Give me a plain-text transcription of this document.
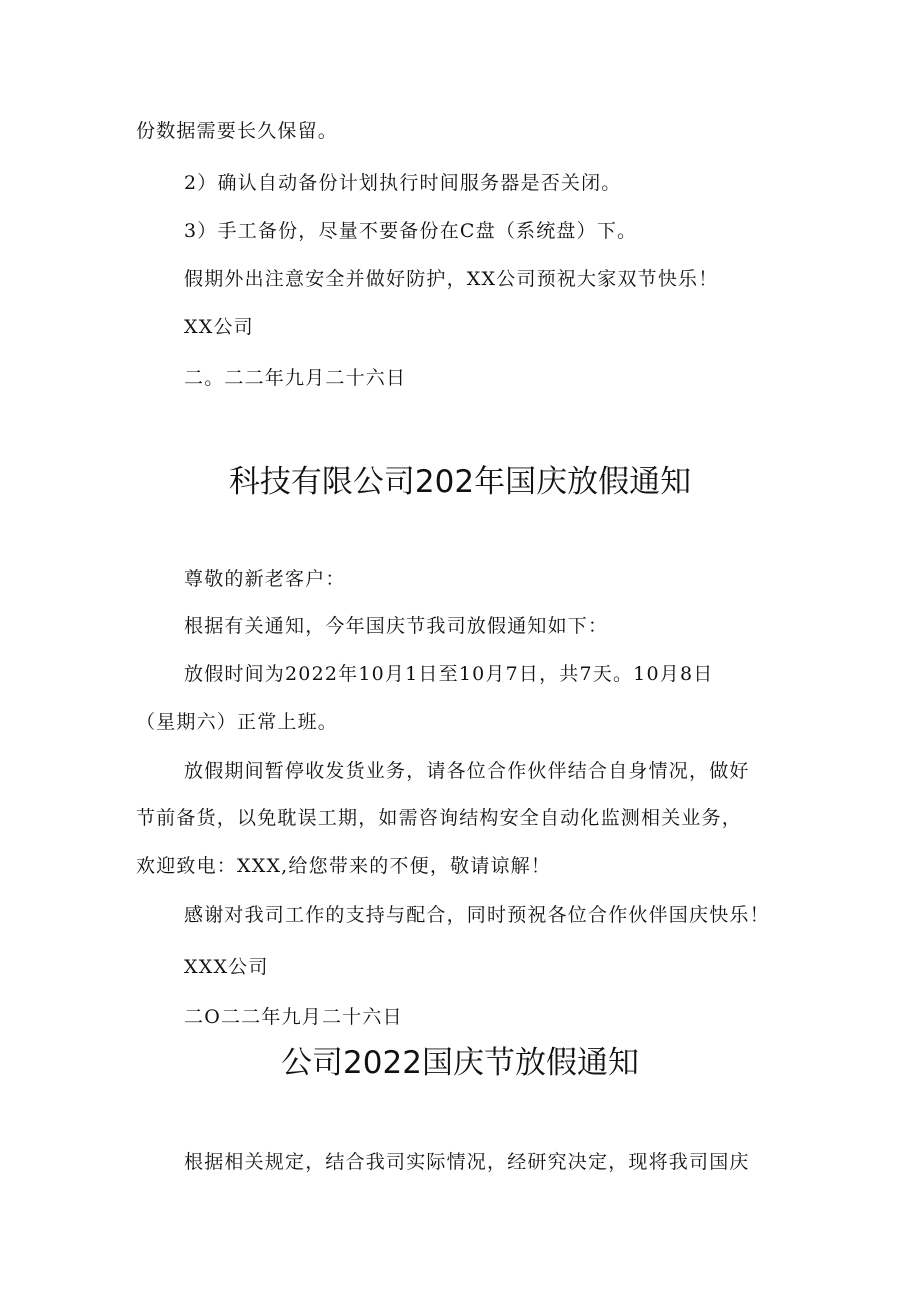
份数据需要长久保留。
2）确认自动备份计划执行时间服务器是否关闭。
3）手工备份，尽量不要备份在C盘（系统盘）下。
假期外出注意安全并做好防护，XX公司预祝大家双节快乐！
XX公司
二。二二年九月二十六日
科技有限公司202年国庆放假通知
尊敬的新老客户：
根据有关通知，今年国庆节我司放假通知如下：
放假时间为2022年10月1日至10月7日，共7天。10月8日
（星期六）正常上班。
放假期间暂停收发货业务，请各位合作伙伴结合自身情况，做好
节前备货，以免耽误工期，如需咨询结构安全自动化监测相关业务，
欢迎致电：XXX,给您带来的不便，敬请谅解！
感谢对我司工作的支持与配合，同时预祝各位合作伙伴国庆快乐！
XXX公司
二O二二年九月二十六日
公司2022国庆节放假通知
根据相关规定，结合我司实际情况，经研究决定，现将我司国庆
